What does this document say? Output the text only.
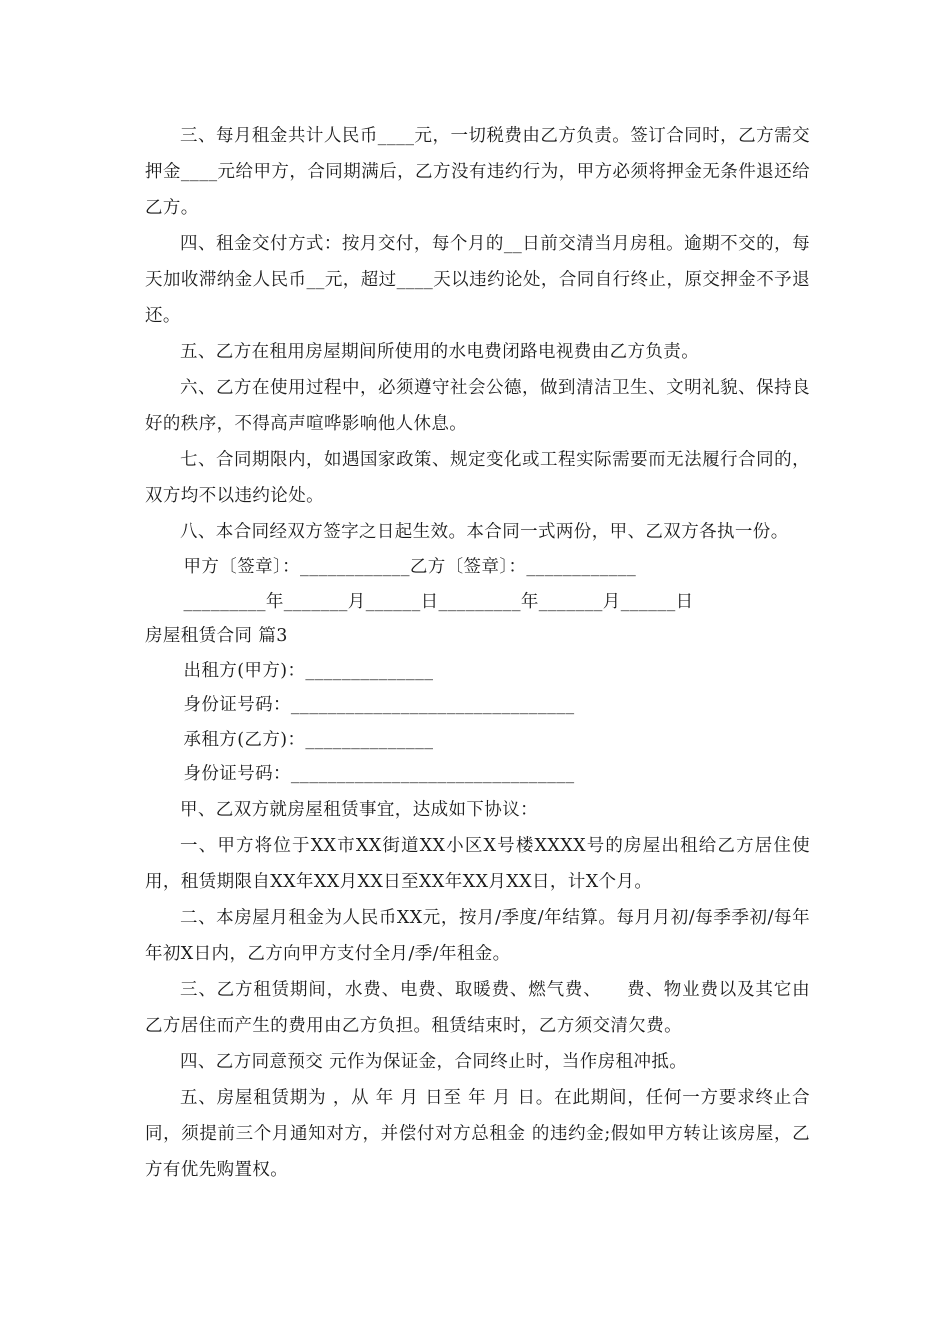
三、每月租金共计人民币____元，一切税费由乙方负责。签订合同时，乙方需交押金____元给甲方，合同期满后，乙方没有违约行为，甲方必须将押金无条件退还给乙方。

四、租金交付方式：按月交付，每个月的__日前交清当月房租。逾期不交的，每天加收滞纳金人民币__元，超过____天以违约论处，合同自行终止，原交押金不予退还。

五、乙方在租用房屋期间所使用的水电费闭路电视费由乙方负责。

六、乙方在使用过程中，必须遵守社会公德，做到清洁卫生、文明礼貌、保持良好的秩序，不得高声喧哗影响他人休息。

七、合同期限内，如遇国家政策、规定变化或工程实际需要而无法履行合同的，双方均不以违约论处。

八、本合同经双方签字之日起生效。本合同一式两份，甲、乙双方各执一份。

甲方〔签章〕：____________乙方〔签章〕：____________

_________年_______月______日_________年_______月______日

房屋租赁合同 篇3

出租方(甲方)：______________

身份证号码：_______________________________

承租方(乙方)：______________

身份证号码：_______________________________

甲、乙双方就房屋租赁事宜，达成如下协议：

一、甲方将位于XX市XX街道XX小区X号楼XXXX号的房屋出租给乙方居住使用，租赁期限自XX年XX月XX日至XX年XX月XX日，计X个月。

二、本房屋月租金为人民币XX元，按月/季度/年结算。每月月初/每季季初/每年年初X日内，乙方向甲方支付全月/季/年租金。

三、乙方租赁期间，水费、电费、取暖费、燃气费、    费、物业费以及其它由乙方居住而产生的费用由乙方负担。租赁结束时，乙方须交清欠费。

四、乙方同意预交 元作为保证金，合同终止时，当作房租冲抵。

五、房屋租赁期为 ，从 年 月 日至 年 月 日。在此期间，任何一方要求终止合同，须提前三个月通知对方，并偿付对方总租金 的违约金;假如甲方转让该房屋，乙方有优先购置权。
